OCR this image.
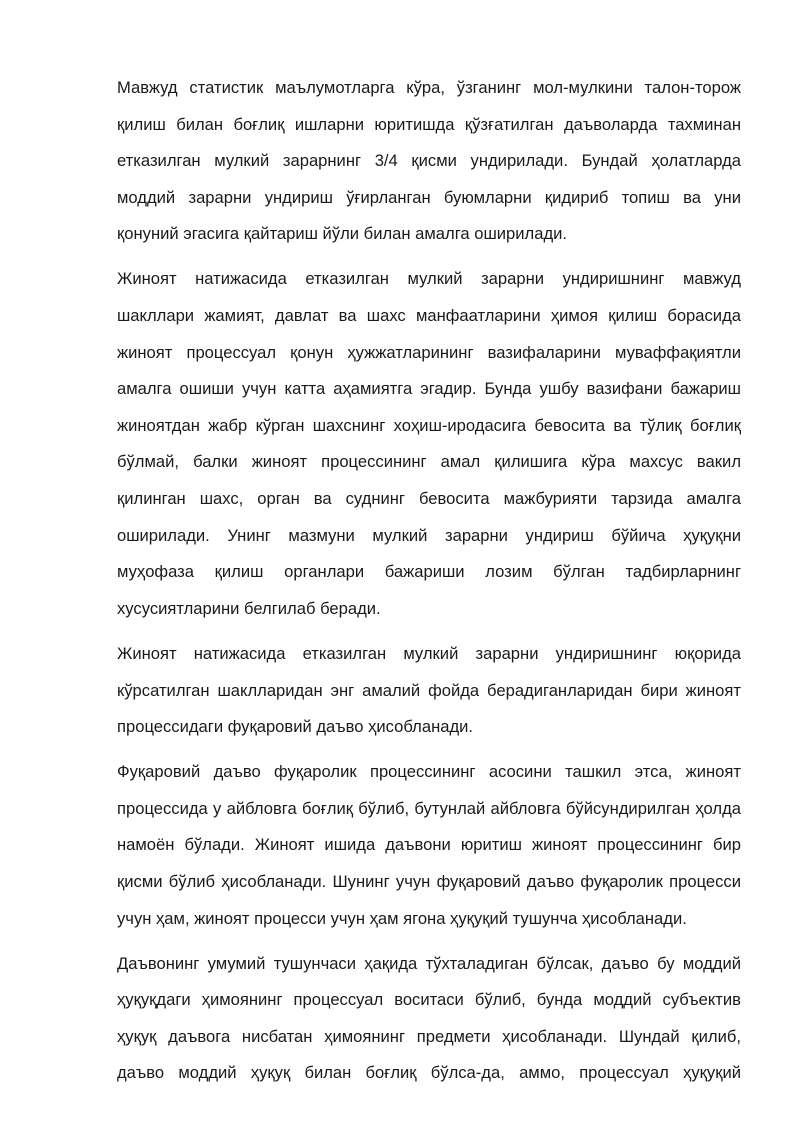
Мавжуд статистик маълумотларга кўра, ўзганинг мол-мулкини талон-торож
қилиш билан боғлиқ ишларни юритишда қўзғатилган даъволарда тахминан
етказилган мулкий зарарнинг 3/4 қисми ундирилади. Бундай ҳолатларда
моддий зарарни ундириш ўғирланган буюмларни қидириб топиш ва уни
қонуний эгасига қайтариш йўли билан амалга оширилади.
Жиноят натижасида етказилган мулкий зарарни ундиришнинг мавжуд
шакллари жамият, давлат ва шахс манфаатларини ҳимоя қилиш борасида
жиноят процессуал қонун ҳужжатларининг вазифаларини муваффақиятли
амалга ошиши учун катта аҳамиятга эгадир. Бунда ушбу вазифани бажариш
жиноятдан жабр кўрган шахснинг хоҳиш-иродасига бевосита ва тўлиқ боғлиқ
бўлмай, балки жиноят процессининг амал қилишига кўра махсус вакил
қилинган шахс, орган ва суднинг бевосита мажбурияти тарзида амалга
оширилади. Унинг мазмуни мулкий зарарни ундириш бўйича ҳуқуқни
муҳофаза қилиш органлари бажариши лозим бўлган тадбирларнинг
хусусиятларини белгилаб беради.
Жиноят натижасида етказилган мулкий зарарни ундиришнинг юқорида
кўрсатилган шаклларидан энг амалий фойда берадиганларидан бири жиноят
процессидаги фуқаровий даъво ҳисобланади.
Фуқаровий даъво фуқаролик процессининг асосини ташкил этса, жиноят
процессида у айбловга боғлиқ бўлиб, бутунлай айбловга бўйсундирилган ҳолда
намоён бўлади. Жиноят ишида даъвони юритиш жиноят процессининг бир
қисми бўлиб ҳисобланади. Шунинг учун фуқаровий даъво фуқаролик процесси
учун ҳам, жиноят процесси учун ҳам ягона ҳуқуқий тушунча ҳисобланади.
Даъвонинг умумий тушунчаси ҳақида тўхталадиган бўлсак, даъво бу моддий
ҳуқуқдаги ҳимоянинг процессуал воситаси бўлиб, бунда моддий субъектив
ҳуқуқ даъвога нисбатан ҳимоянинг предмети ҳисобланади. Шундай қилиб,
даъво моддий ҳуқуқ билан боғлиқ бўлса-да, аммо, процессуал ҳуқуқий
